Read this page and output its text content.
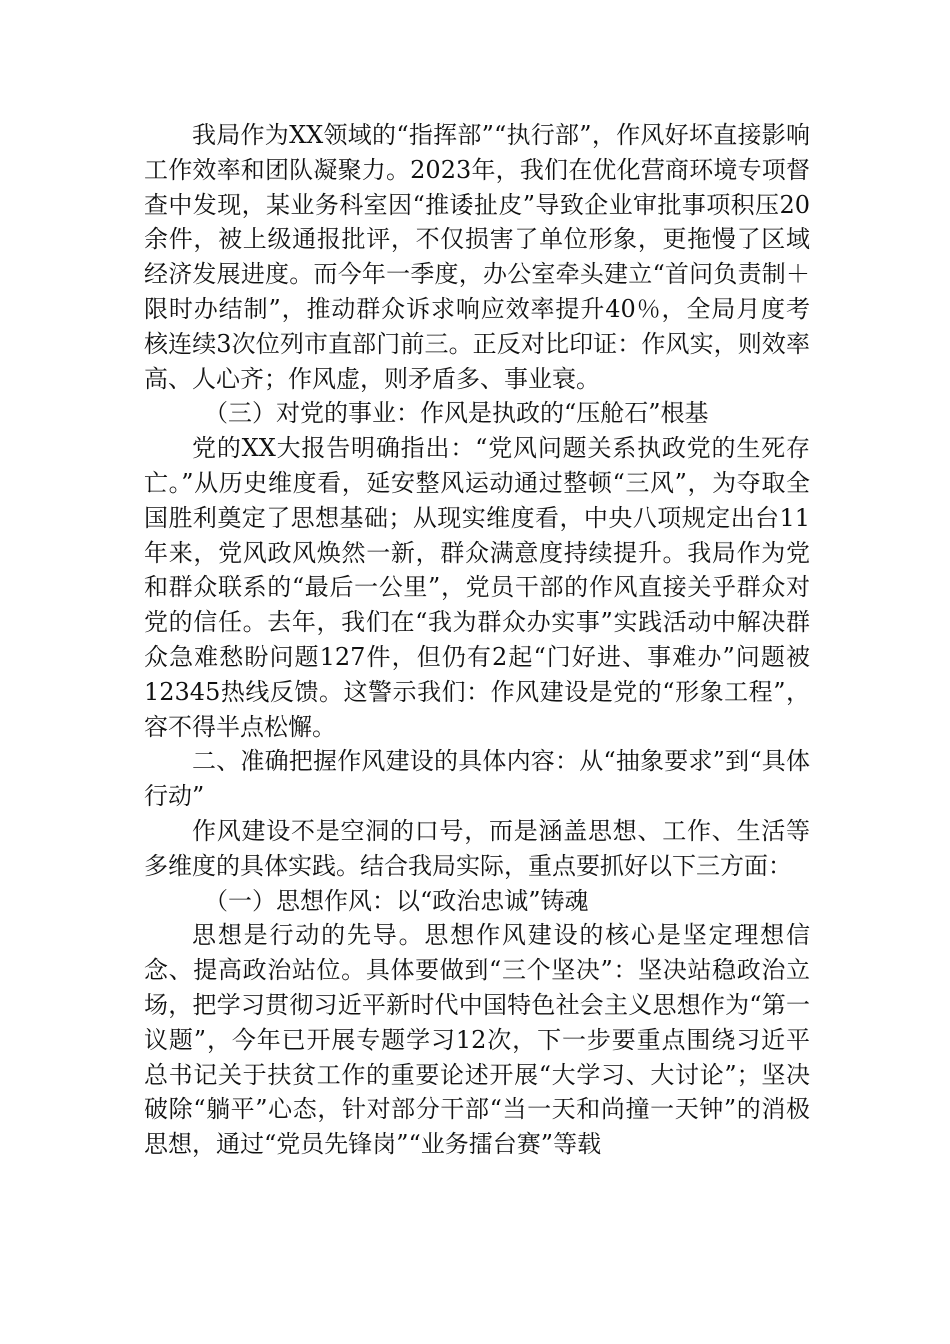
我局作为XX领域的“指挥部”“执行部”，作风好坏直接影响工作效率和团队凝聚力。2023年，我们在优化营商环境专项督查中发现，某业务科室因“推诿扯皮”导致企业审批事项积压20余件，被上级通报批评，不仅损害了单位形象，更拖慢了区域经济发展进度。而今年一季度，办公室牵头建立“首问负责制＋限时办结制”，推动群众诉求响应效率提升40％，全局月度考核连续3次位列市直部门前三。正反对比印证：作风实，则效率高、人心齐；作风虚，则矛盾多、事业衰。

（三）对党的事业：作风是执政的“压舱石”根基

党的XX大报告明确指出：“党风问题关系执政党的生死存亡。”从历史维度看，延安整风运动通过整顿“三风”，为夺取全国胜利奠定了思想基础；从现实维度看，中央八项规定出台11年来，党风政风焕然一新，群众满意度持续提升。我局作为党和群众联系的“最后一公里”，党员干部的作风直接关乎群众对党的信任。去年，我们在“我为群众办实事”实践活动中解决群众急难愁盼问题127件，但仍有2起“门好进、事难办”问题被12345热线反馈。这警示我们：作风建设是党的“形象工程”，容不得半点松懈。

二、准确把握作风建设的具体内容：从“抽象要求”到“具体行动”

作风建设不是空洞的口号，而是涵盖思想、工作、生活等多维度的具体实践。结合我局实际，重点要抓好以下三方面：

（一）思想作风：以“政治忠诚”铸魂

思想是行动的先导。思想作风建设的核心是坚定理想信念、提高政治站位。具体要做到“三个坚决”：坚决站稳政治立场，把学习贯彻习近平新时代中国特色社会主义思想作为“第一议题”，今年已开展专题学习12次，下一步要重点围绕习近平总书记关于扶贫工作的重要论述开展“大学习、大讨论”；坚决破除“躺平”心态，针对部分干部“当一天和尚撞一天钟”的消极思想，通过“党员先锋岗”“业务擂台赛”等载
